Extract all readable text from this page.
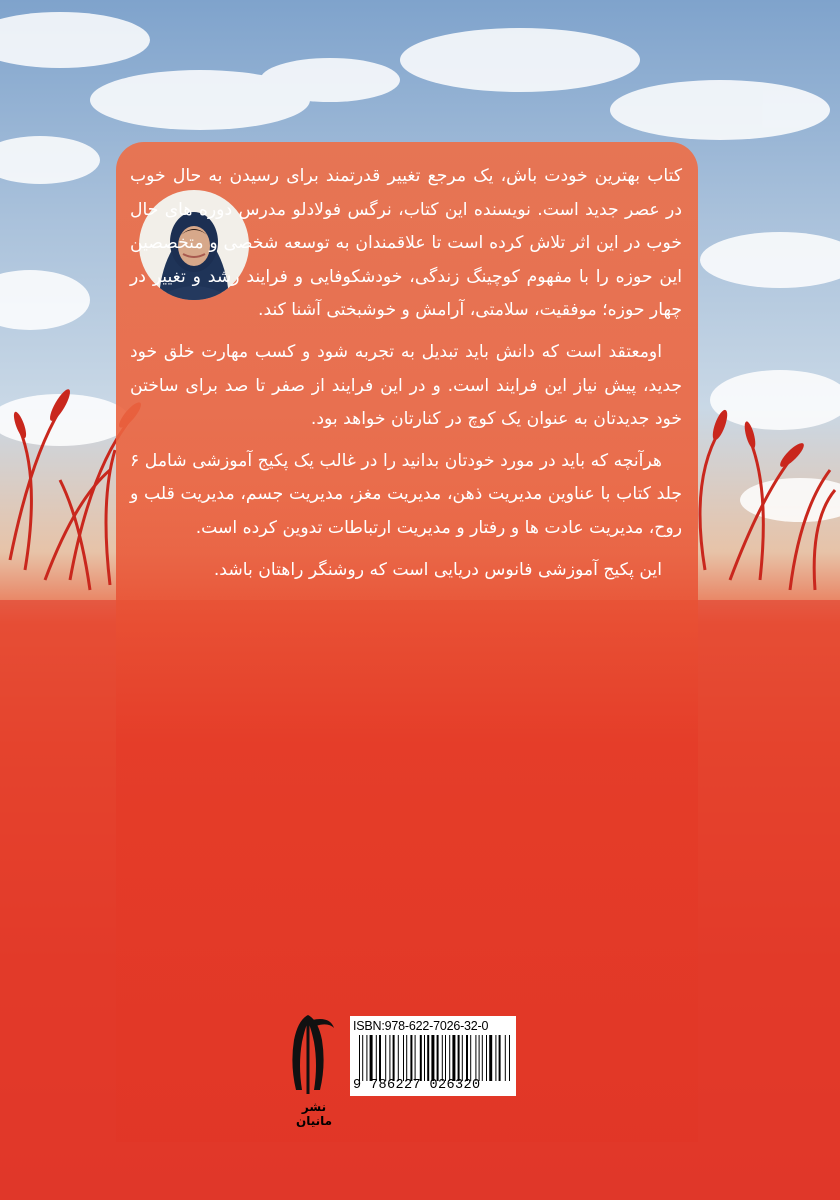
کتاب بهترین خودت باش، یک مرجع تغییر قدرتمند برای رسیدن به حال خوب در عصر جدید است. نویسنده این کتاب، نرگس فولادلو مدرس دوره های حال خوب در این اثر تلاش کرده است تا علاقمندان به توسعه شخصی و متخصصین این حوزه را با مفهوم کوچینگ زندگی، خودشکوفایی و فرایند رشد و تغییر در چهار حوزه؛ موفقیت، سلامتی، آرامش و خوشبختی آشنا کند.

اومعتقد است که دانش باید تبدیل به تجربه شود و کسب مهارت خلق خود جدید، پیش نیاز این فرایند است. و در این فرایند از صفر تا صد برای ساختن خود جدیدتان به عنوان یک کوچ در کنارتان خواهد بود.

هرآنچه که باید در مورد خودتان بدانید را در غالب یک پکیج آموزشی شامل ۶ جلد کتاب با عناوین مدیریت ذهن، مدیریت مغز، مدیریت جسم، مدیریت قلب و روح، مدیریت عادت ها و رفتار و مدیریت ارتباطات تدوین کرده است.

این پکیج آموزشی فانوس دریایی است که روشنگر راهتان باشد.

نشر
مانیان
ISBN:978-622-7026-32-0
9 786227 026320
